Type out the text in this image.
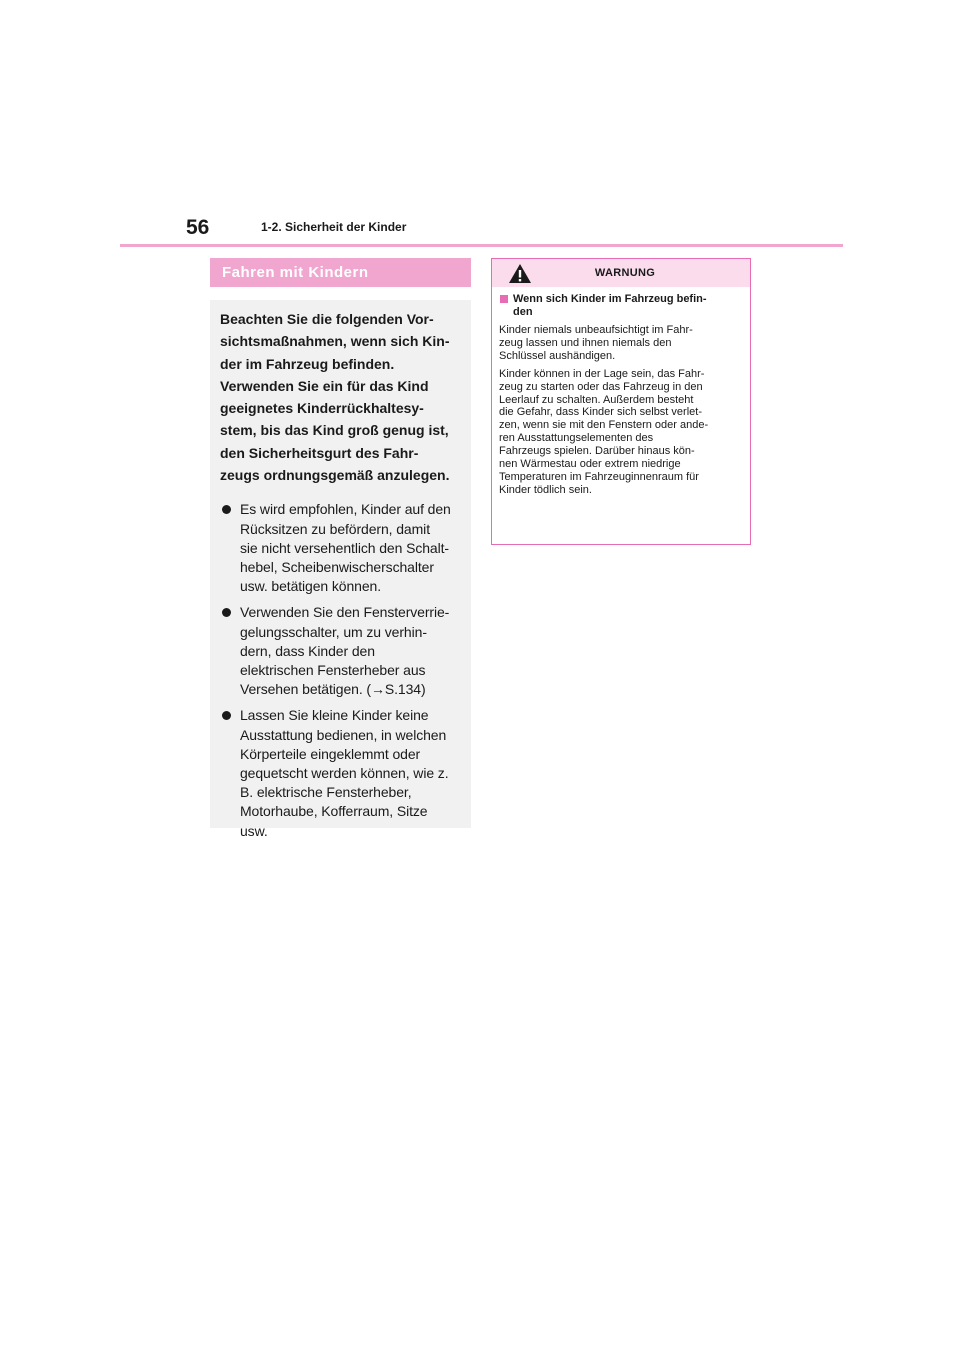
56	1-2. Sicherheit der Kinder
Fahren mit Kindern

Beachten Sie die folgenden Vor-
sichtsmaßnahmen, wenn sich Kin-
der im Fahrzeug befinden.
Verwenden Sie ein für das Kind
geeignetes Kinderrückhaltesy-
stem, bis das Kind groß genug ist,
den Sicherheitsgurt des Fahr-
zeugs ordnungsgemäß anzulegen.

Es wird empfohlen, Kinder auf den
Rücksitzen zu befördern, damit
sie nicht versehentlich den Schalt-
hebel, Scheibenwischerschalter
usw. betätigen können.
Verwenden Sie den Fensterverrie-
gelungsschalter, um zu verhin-
dern, dass Kinder den
elektrischen Fensterheber aus
Versehen betätigen. (→S.134)
Lassen Sie kleine Kinder keine
Ausstattung bedienen, in welchen
Körperteile eingeklemmt oder
gequetscht werden können, wie z.
B. elektrische Fensterheber,
Motorhaube, Kofferraum, Sitze
usw.
WARNUNG
Wenn sich Kinder im Fahrzeug befin-
den

Kinder niemals unbeaufsichtigt im Fahr-
zeug lassen und ihnen niemals den
Schlüssel aushändigen.

Kinder können in der Lage sein, das Fahr-
zeug zu starten oder das Fahrzeug in den
Leerlauf zu schalten. Außerdem besteht
die Gefahr, dass Kinder sich selbst verlet-
zen, wenn sie mit den Fenstern oder ande-
ren Ausstattungselementen des
Fahrzeugs spielen. Darüber hinaus kön-
nen Wärmestau oder extrem niedrige
Temperaturen im Fahrzeuginnenraum für
Kinder tödlich sein.
